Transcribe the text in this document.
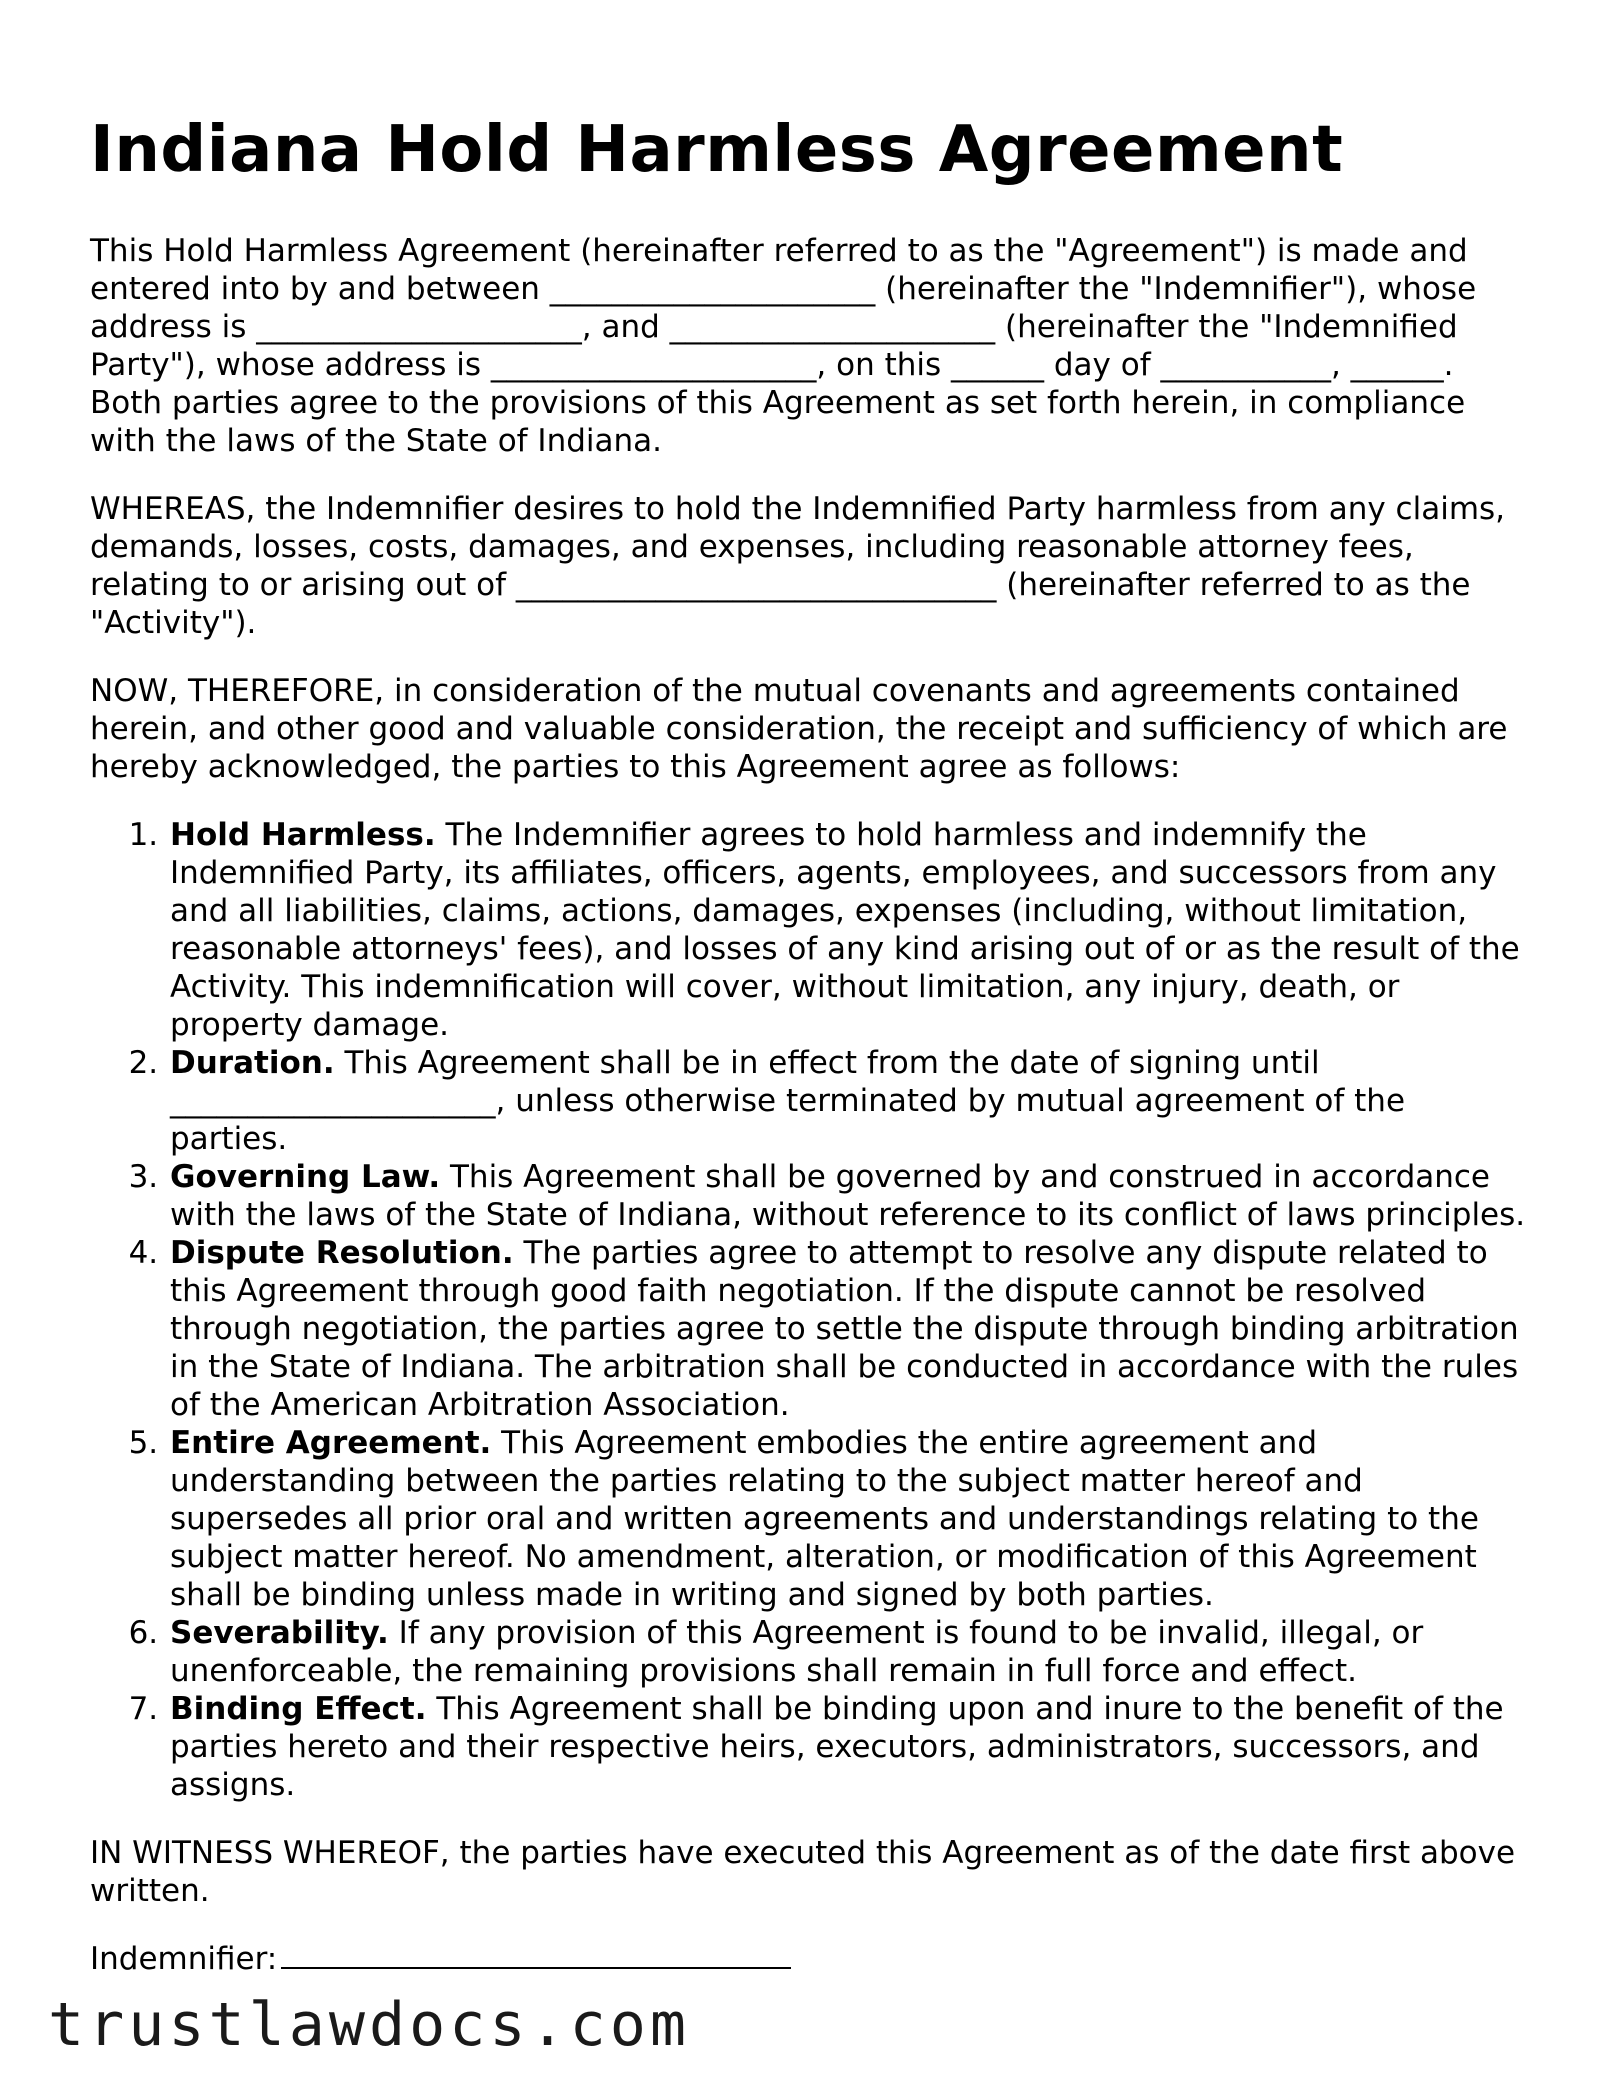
Indiana Hold Harmless Agreement

This Hold Harmless Agreement (hereinafter referred to as the "Agreement") is made and entered into by and between _____________________ (hereinafter the "Indemnifier"), whose address is _____________________, and _____________________ (hereinafter the "Indemnified Party"), whose address is _____________________, on this ______ day of ___________, ______. Both parties agree to the provisions of this Agreement as set forth herein, in compliance with the laws of the State of Indiana.

WHEREAS, the Indemnifier desires to hold the Indemnified Party harmless from any claims, demands, losses, costs, damages, and expenses, including reasonable attorney fees, relating to or arising out of _______________________________ (hereinafter referred to as the "Activity").

NOW, THEREFORE, in consideration of the mutual covenants and agreements contained herein, and other good and valuable consideration, the receipt and sufficiency of which are hereby acknowledged, the parties to this Agreement agree as follows:

1. Hold Harmless. The Indemnifier agrees to hold harmless and indemnify the Indemnified Party, its affiliates, officers, agents, employees, and successors from any and all liabilities, claims, actions, damages, expenses (including, without limitation, reasonable attorneys' fees), and losses of any kind arising out of or as the result of the Activity. This indemnification will cover, without limitation, any injury, death, or property damage.
2. Duration. This Agreement shall be in effect from the date of signing until _____________________, unless otherwise terminated by mutual agreement of the parties.
3. Governing Law. This Agreement shall be governed by and construed in accordance with the laws of the State of Indiana, without reference to its conflict of laws principles.
4. Dispute Resolution. The parties agree to attempt to resolve any dispute related to this Agreement through good faith negotiation. If the dispute cannot be resolved through negotiation, the parties agree to settle the dispute through binding arbitration in the State of Indiana. The arbitration shall be conducted in accordance with the rules of the American Arbitration Association.
5. Entire Agreement. This Agreement embodies the entire agreement and understanding between the parties relating to the subject matter hereof and supersedes all prior oral and written agreements and understandings relating to the subject matter hereof. No amendment, alteration, or modification of this Agreement shall be binding unless made in writing and signed by both parties.
6. Severability. If any provision of this Agreement is found to be invalid, illegal, or unenforceable, the remaining provisions shall remain in full force and effect.
7. Binding Effect. This Agreement shall be binding upon and inure to the benefit of the parties hereto and their respective heirs, executors, administrators, successors, and assigns.

IN WITNESS WHEREOF, the parties have executed this Agreement as of the date first above written.

Indemnifier:
trustlawdocs.com
